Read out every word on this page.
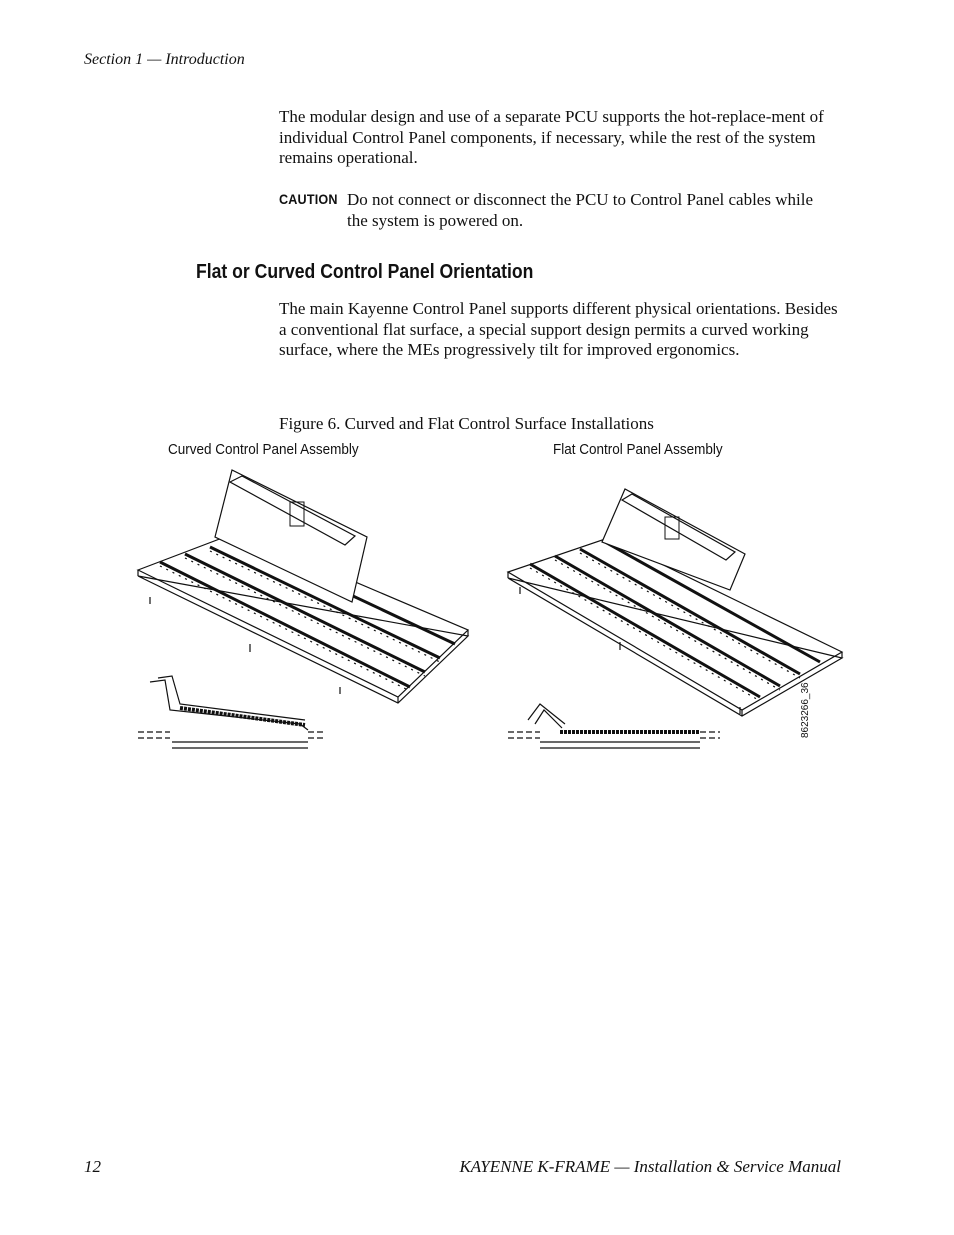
Section 1 — Introduction
The modular design and use of a separate PCU supports the hot-replace-ment of individual Control Panel components, if necessary, while the rest of the system remains operational.
CAUTION Do not connect or disconnect the PCU to Control Panel cables while the system is powered on.
Flat or Curved Control Panel Orientation
The main Kayenne Control Panel supports different physical orientations. Besides a conventional flat surface, a special support design permits a curved working surface, where the MEs progressively tilt for improved ergonomics.
Figure 6. Curved and Flat Control Surface Installations
Curved Control Panel Assembly	Flat Control Panel Assembly
8623266_36
12	KAYENNE K-FRAME — Installation & Service Manual
